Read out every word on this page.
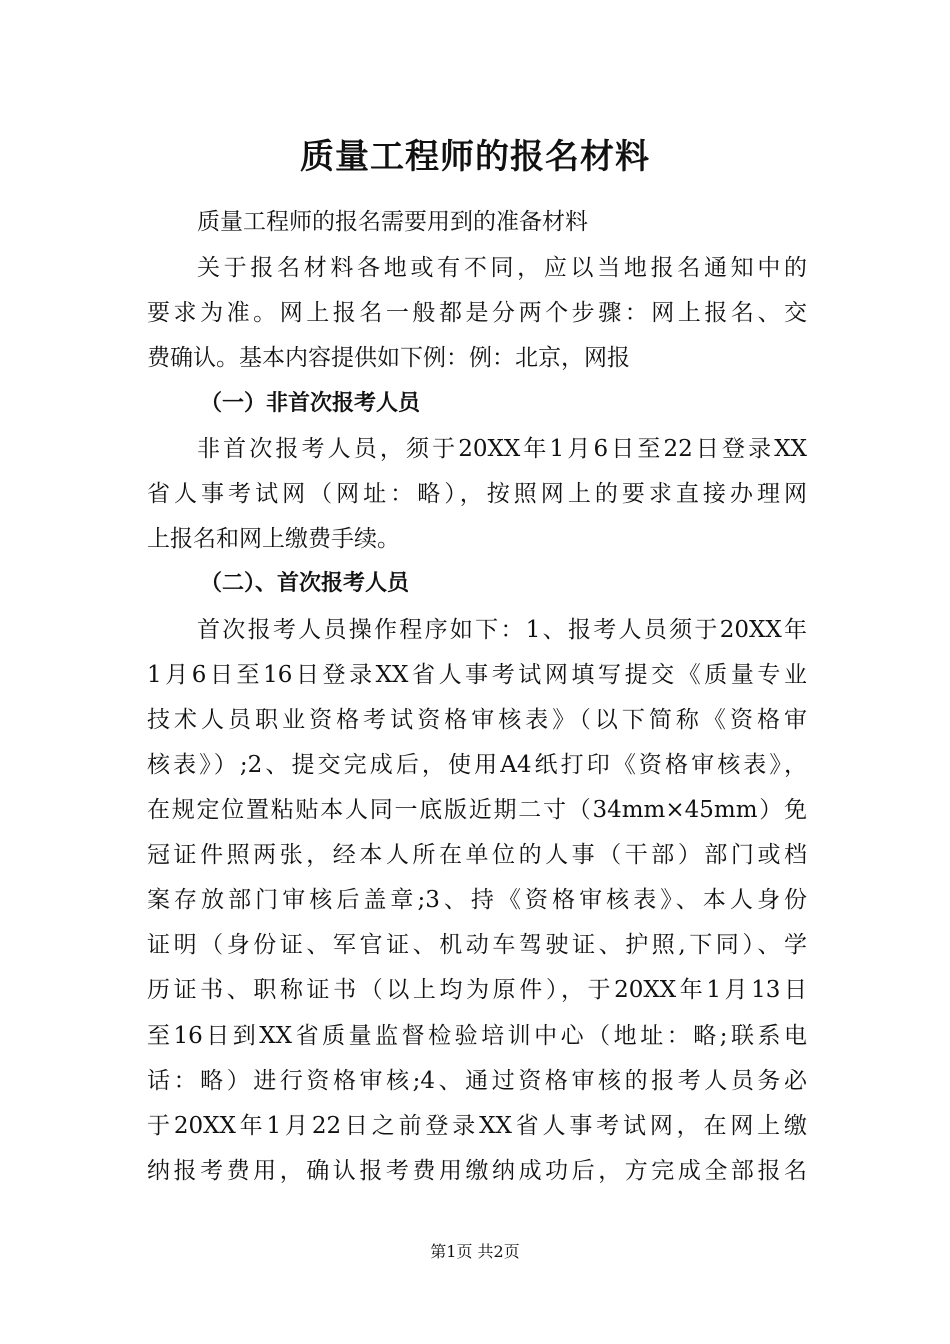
质量工程师的报名材料

质量工程师的报名需要用到的准备材料

关于报名材料各地或有不同，应以当地报名通知中的

要求为准。网上报名一般都是分两个步骤：网上报名、交

费确认。基本内容提供如下例：例：北京，网报

（一）非首次报考人员

非首次报考人员，须于20XX年1月6日至22日登录XX

省人事考试网（网址：略），按照网上的要求直接办理网

上报名和网上缴费手续。

（二）、首次报考人员

首次报考人员操作程序如下：1、报考人员须于20XX年

1月6日至16日登录XX省人事考试网填写提交《质量专业

技术人员职业资格考试资格审核表》（以下简称《资格审

核表》）;2、提交完成后，使用A4纸打印《资格审核表》，

在规定位置粘贴本人同一底版近期二寸（34mm×45mm）免

冠证件照两张，经本人所在单位的人事（干部）部门或档

案存放部门审核后盖章;3、持《资格审核表》、本人身份

证明（身份证、军官证、机动车驾驶证、护照,下同）、学

历证书、职称证书（以上均为原件），于20XX年1月13日

至16日到XX省质量监督检验培训中心（地址：略;联系电

话：略）进行资格审核;4、通过资格审核的报考人员务必

于20XX年1月22日之前登录XX省人事考试网，在网上缴

纳报考费用，确认报考费用缴纳成功后，方完成全部报名

第1页 共2页
